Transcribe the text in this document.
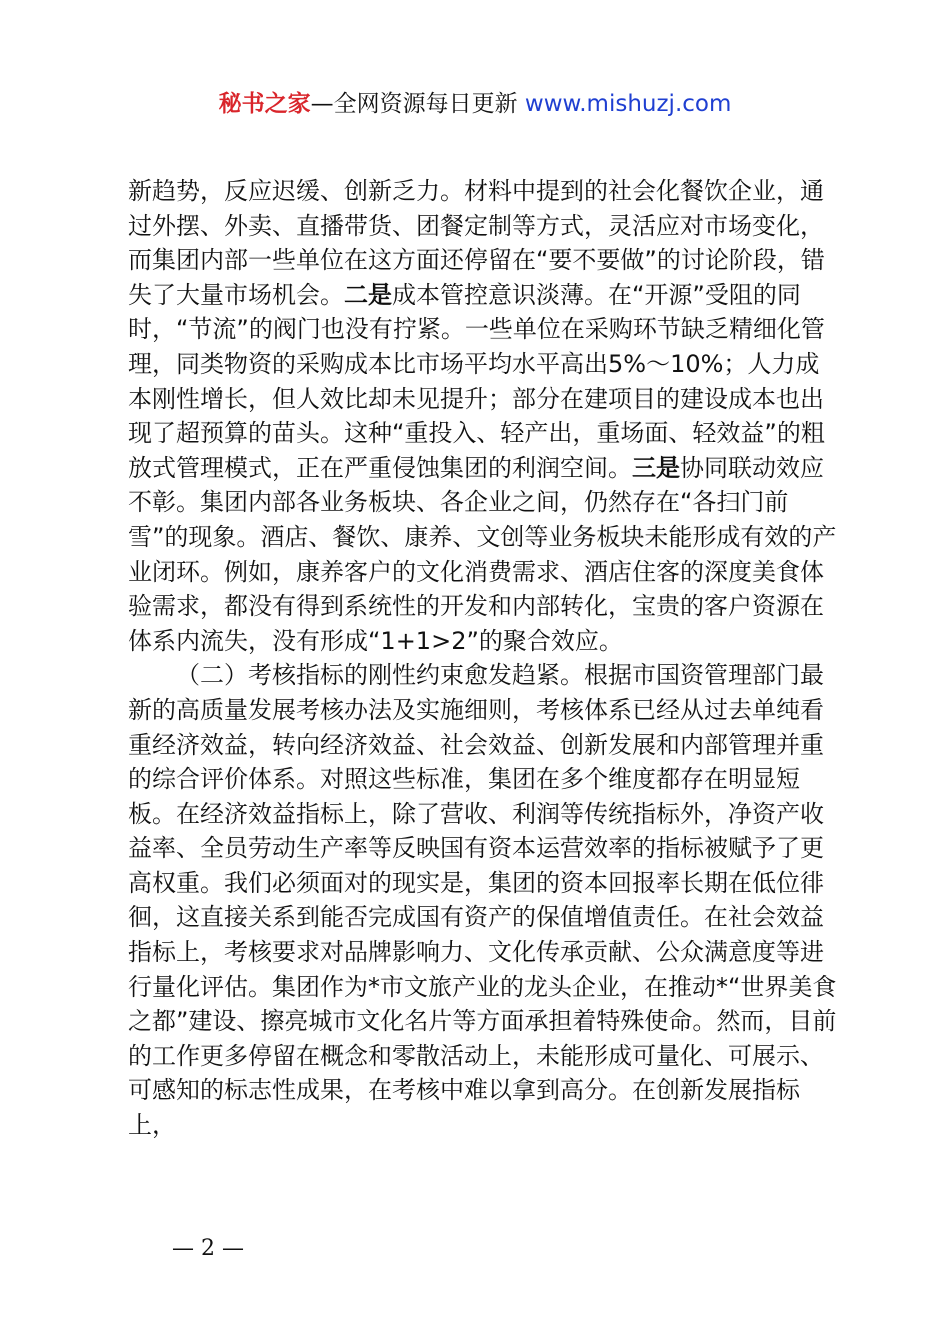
秘书之家—全网资源每日更新 www.mishuzj.com

新趋势，反应迟缓、创新乏力。材料中提到的社会化餐饮企业，通过外摆、外卖、直播带货、团餐定制等方式，灵活应对市场变化，而集团内部一些单位在这方面还停留在“要不要做”的讨论阶段，错失了大量市场机会。二是成本管控意识淡薄。在“开源”受阻的同时，“节流”的阀门也没有拧紧。一些单位在采购环节缺乏精细化管理，同类物资的采购成本比市场平均水平高出5%～10%；人力成本刚性增长，但人效比却未见提升；部分在建项目的建设成本也出现了超预算的苗头。这种“重投入、轻产出，重场面、轻效益”的粗放式管理模式，正在严重侵蚀集团的利润空间。三是协同联动效应不彰。集团内部各业务板块、各企业之间，仍然存在“各扫门前雪”的现象。酒店、餐饮、康养、文创等业务板块未能形成有效的产业闭环。例如，康养客户的文化消费需求、酒店住客的深度美食体验需求，都没有得到系统性的开发和内部转化，宝贵的客户资源在体系内流失，没有形成“1+1>2”的聚合效应。

（二）考核指标的刚性约束愈发趋紧。根据市国资管理部门最新的高质量发展考核办法及实施细则，考核体系已经从过去单纯看重经济效益，转向经济效益、社会效益、创新发展和内部管理并重的综合评价体系。对照这些标准，集团在多个维度都存在明显短板。在经济效益指标上，除了营收、利润等传统指标外，净资产收益率、全员劳动生产率等反映国有资本运营效率的指标被赋予了更高权重。我们必须面对的现实是，集团的资本回报率长期在低位徘徊，这直接关系到能否完成国有资产的保值增值责任。在社会效益指标上，考核要求对品牌影响力、文化传承贡献、公众满意度等进行量化评估。集团作为*市文旅产业的龙头企业，在推动*“世界美食之都”建设、擦亮城市文化名片等方面承担着特殊使命。然而，目前的工作更多停留在概念和零散活动上，未能形成可量化、可展示、可感知的标志性成果，在考核中难以拿到高分。在创新发展指标上，

— 2 —
